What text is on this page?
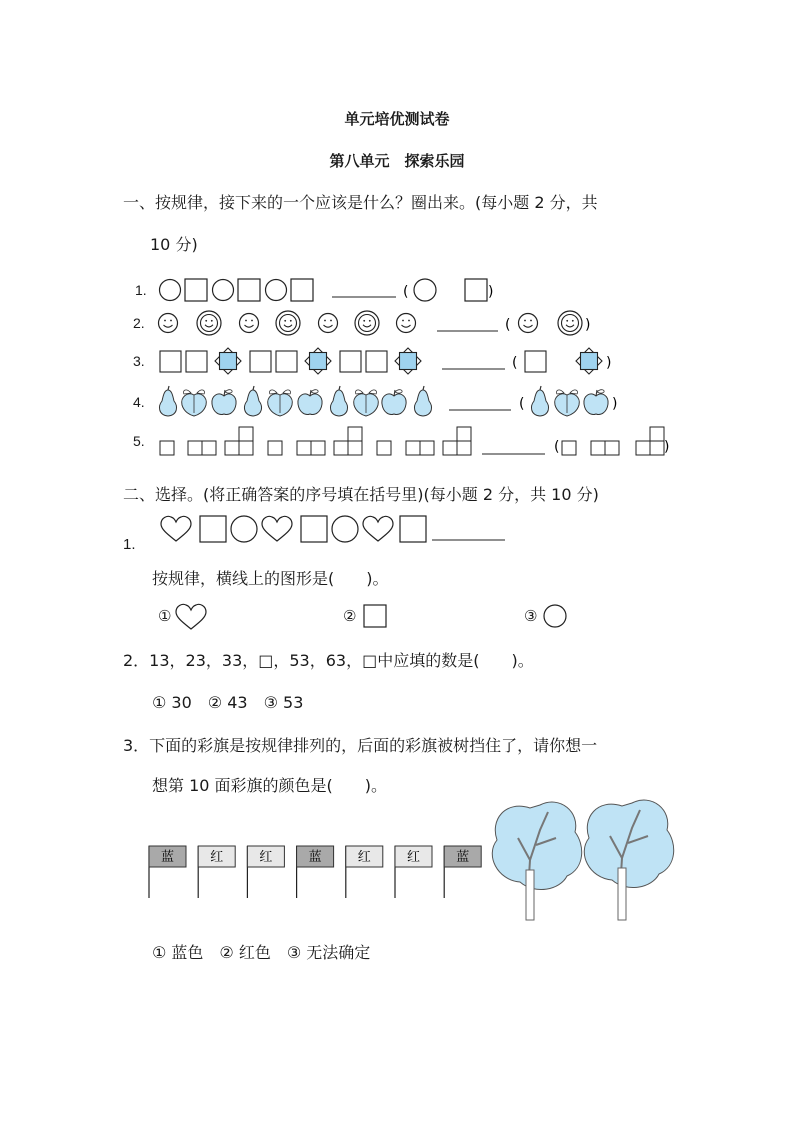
单元培优测试卷
第八单元　探索乐园
一、按规律，接下来的一个应该是什么？圈出来。(每小题 2 分，共
10 分)
1.
2.
3.
4.
5.
(	)
(	)
(	)
(	)
(	)
二、选择。(将正确答案的序号填在括号里)(每小题 2 分，共 10 分)
1.
按规律，横线上的图形是(　　)。
①	②	③
2．13，23，33，□，53，63，□中应填的数是(　　)。
① 30　② 43　③ 53
3．下面的彩旗是按规律排列的，后面的彩旗被树挡住了，请你想一
想第 10 面彩旗的颜色是(　　)。
蓝	红	红	蓝	红	红	蓝
① 蓝色　② 红色　③ 无法确定
